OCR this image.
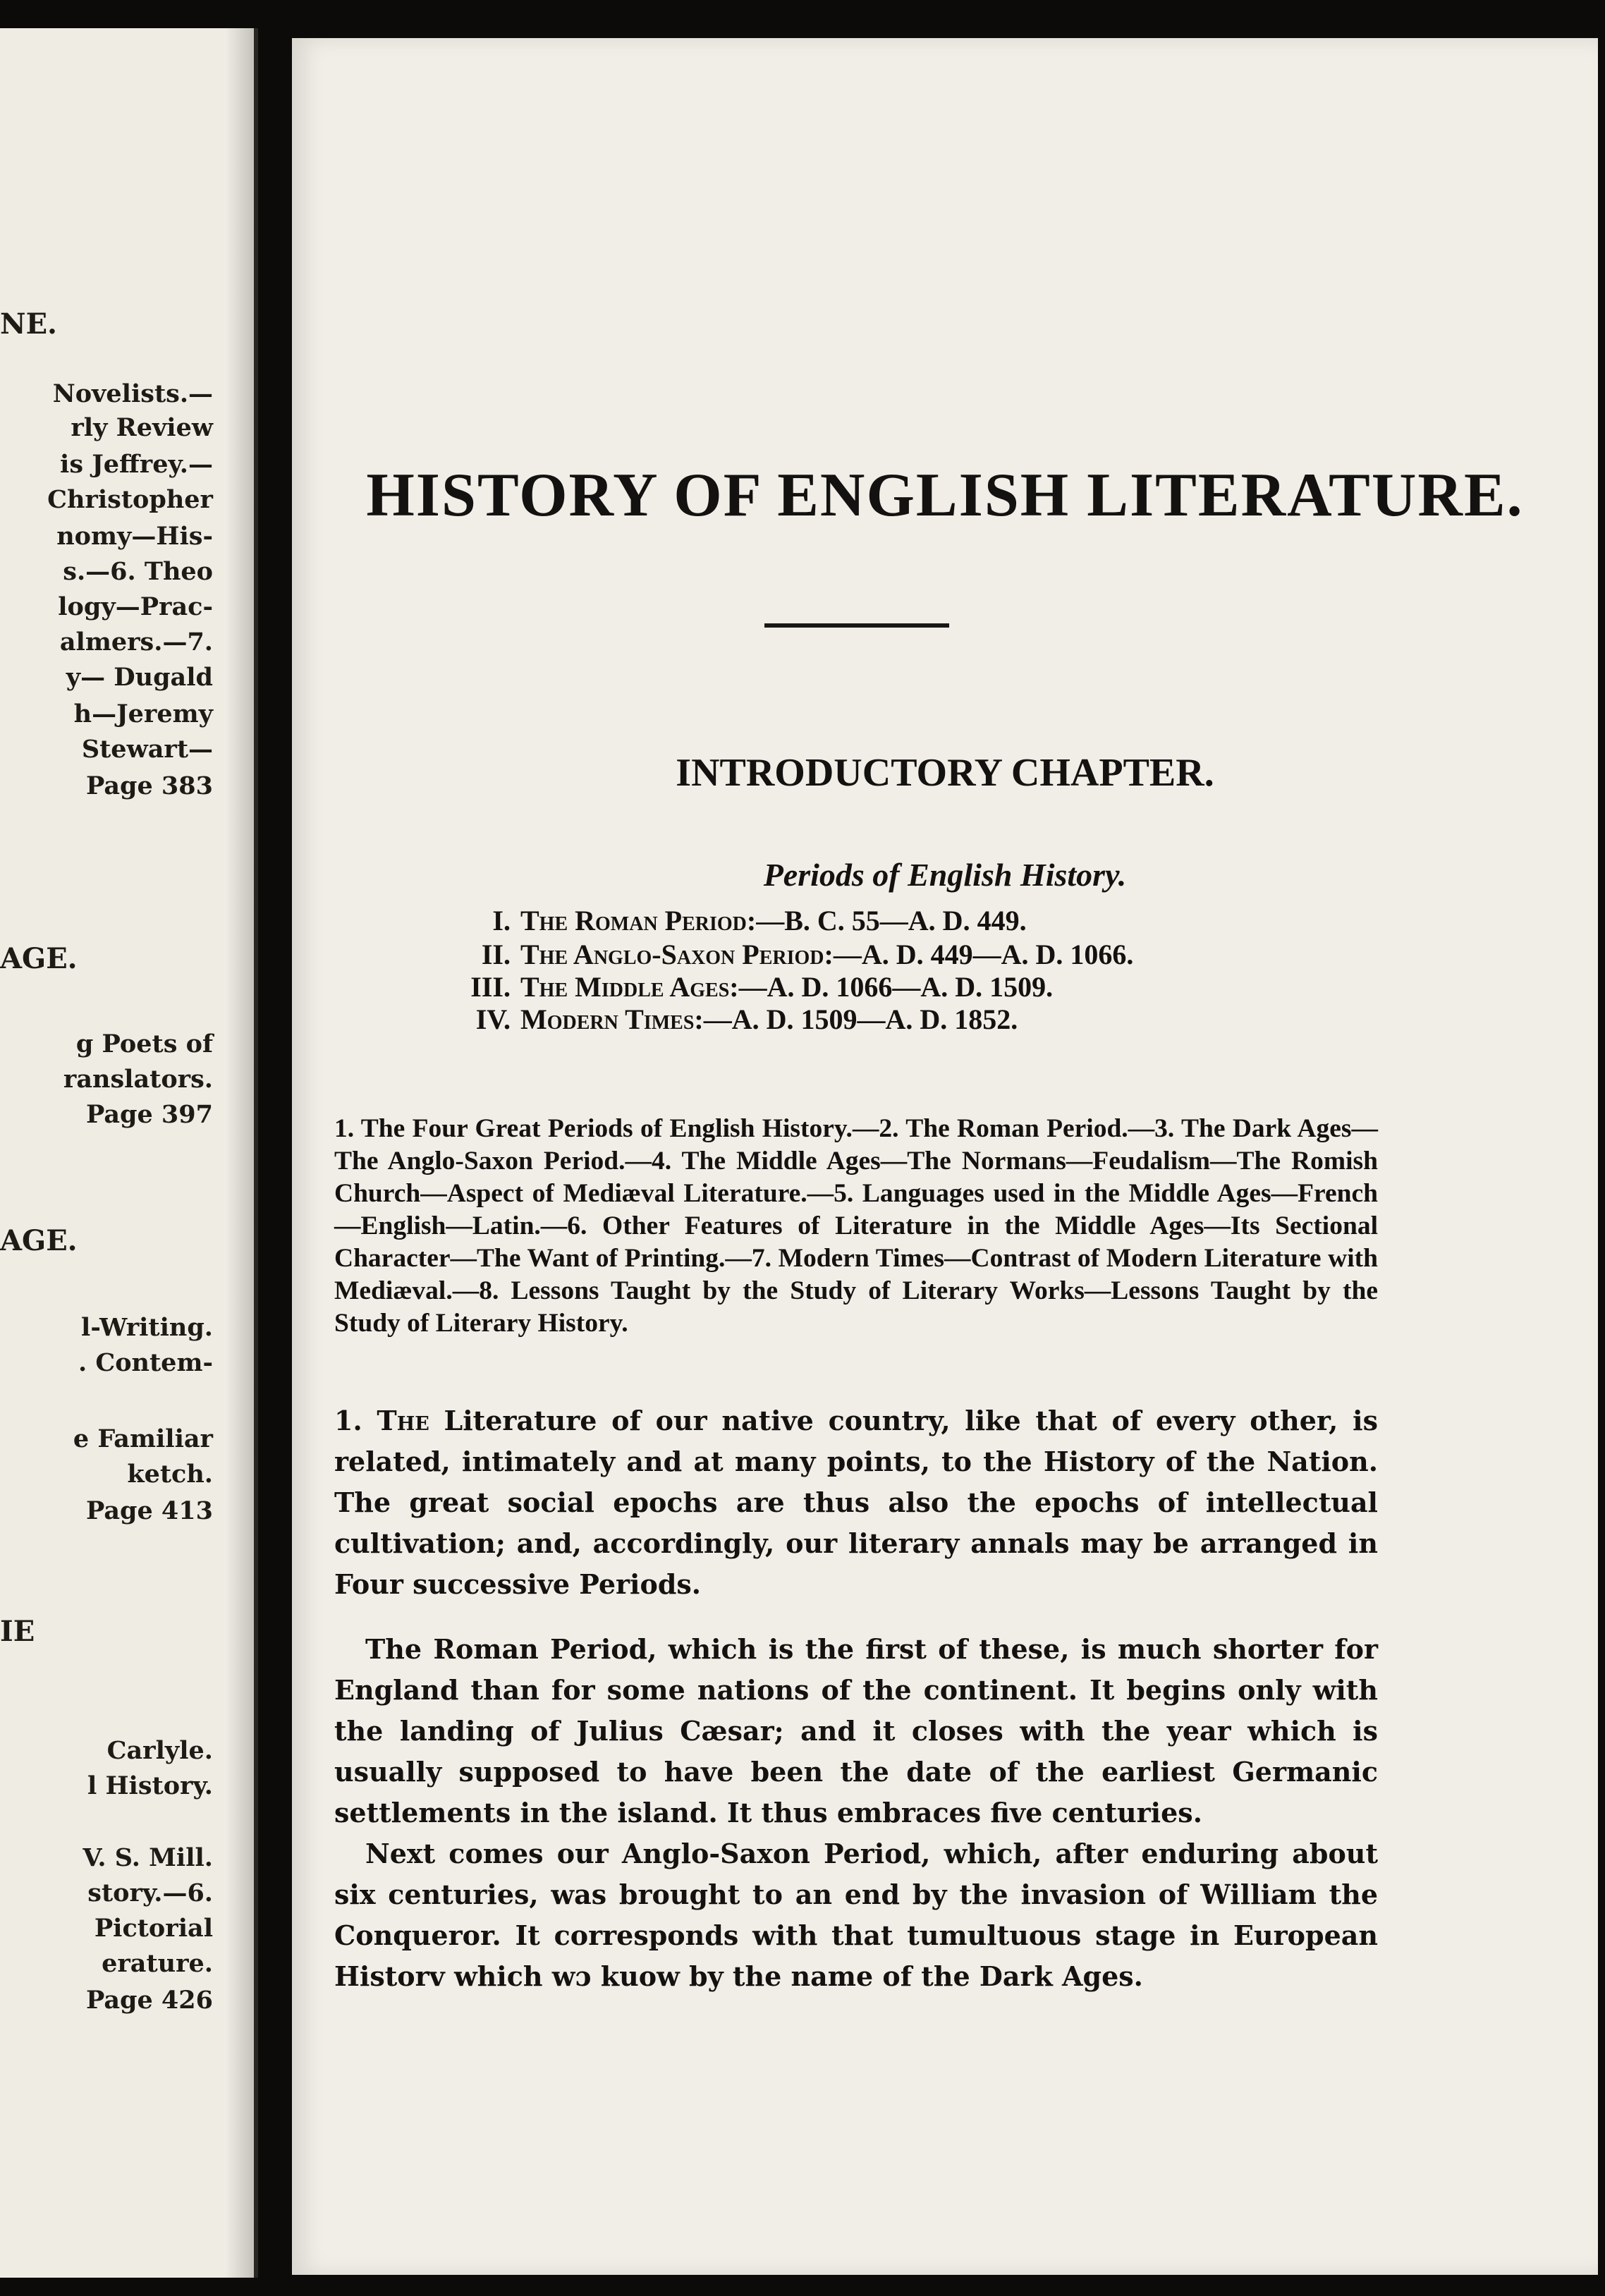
NE.
Novelists.—
rly Review
is Jeffrey.—
Christopher
nomy—His-
s.—6. Theo
logy—Prac-
almers.—7.
y— Dugald
h—Jeremy
Stewart—
Page 383
AGE.
g Poets of
ranslators.
Page 397
AGE.
l-Writing.
. Contem-
e Familiar
ketch.
Page 413
IE
Carlyle.
l History.
V. S. Mill.
story.—6.
Pictorial
erature.
Page 426
HISTORY OF ENGLISH LITERATURE.
INTRODUCTORY CHAPTER.
Periods of English History.
I. The Roman Period:—B. C. 55—A. D. 449.
II. The Anglo-Saxon Period:—A. D. 449—A. D. 1066.
III. The Middle Ages:—A. D. 1066—A. D. 1509.
IV. Modern Times:—A. D. 1509—A. D. 1852.
1. The Four Great Periods of English History.—2. The Roman Period.—3. The Dark Ages—The Anglo-Saxon Period.—4. The Middle Ages—The Normans—Feudalism—The Romish Church—Aspect of Mediæval Literature.—5. Languages used in the Middle Ages—French—English—Latin.—6. Other Features of Literature in the Middle Ages—Its Sectional Character—The Want of Printing.—7. Modern Times—Contrast of Modern Literature with Mediæval.—8. Lessons Taught by the Study of Literary Works—Lessons Taught by the Study of Literary History.
1. The Literature of our native country, like that of every other, is related, intimately and at many points, to the History of the Nation. The great social epochs are thus also the epochs of intellectual cultivation; and, accordingly, our literary annals may be arranged in Four successive Periods.
The Roman Period, which is the first of these, is much shorter for England than for some nations of the continent. It begins only with the landing of Julius Cæsar; and it closes with the year which is usually supposed to have been the date of the earliest Germanic settlements in the island. It thus embraces five centuries.
Next comes our Anglo-Saxon Period, which, after enduring about six centuries, was brought to an end by the invasion of William the Conqueror. It corresponds with that tumultuous stage in European Historv which wɔ kuow by the name of the Dark Ages.
